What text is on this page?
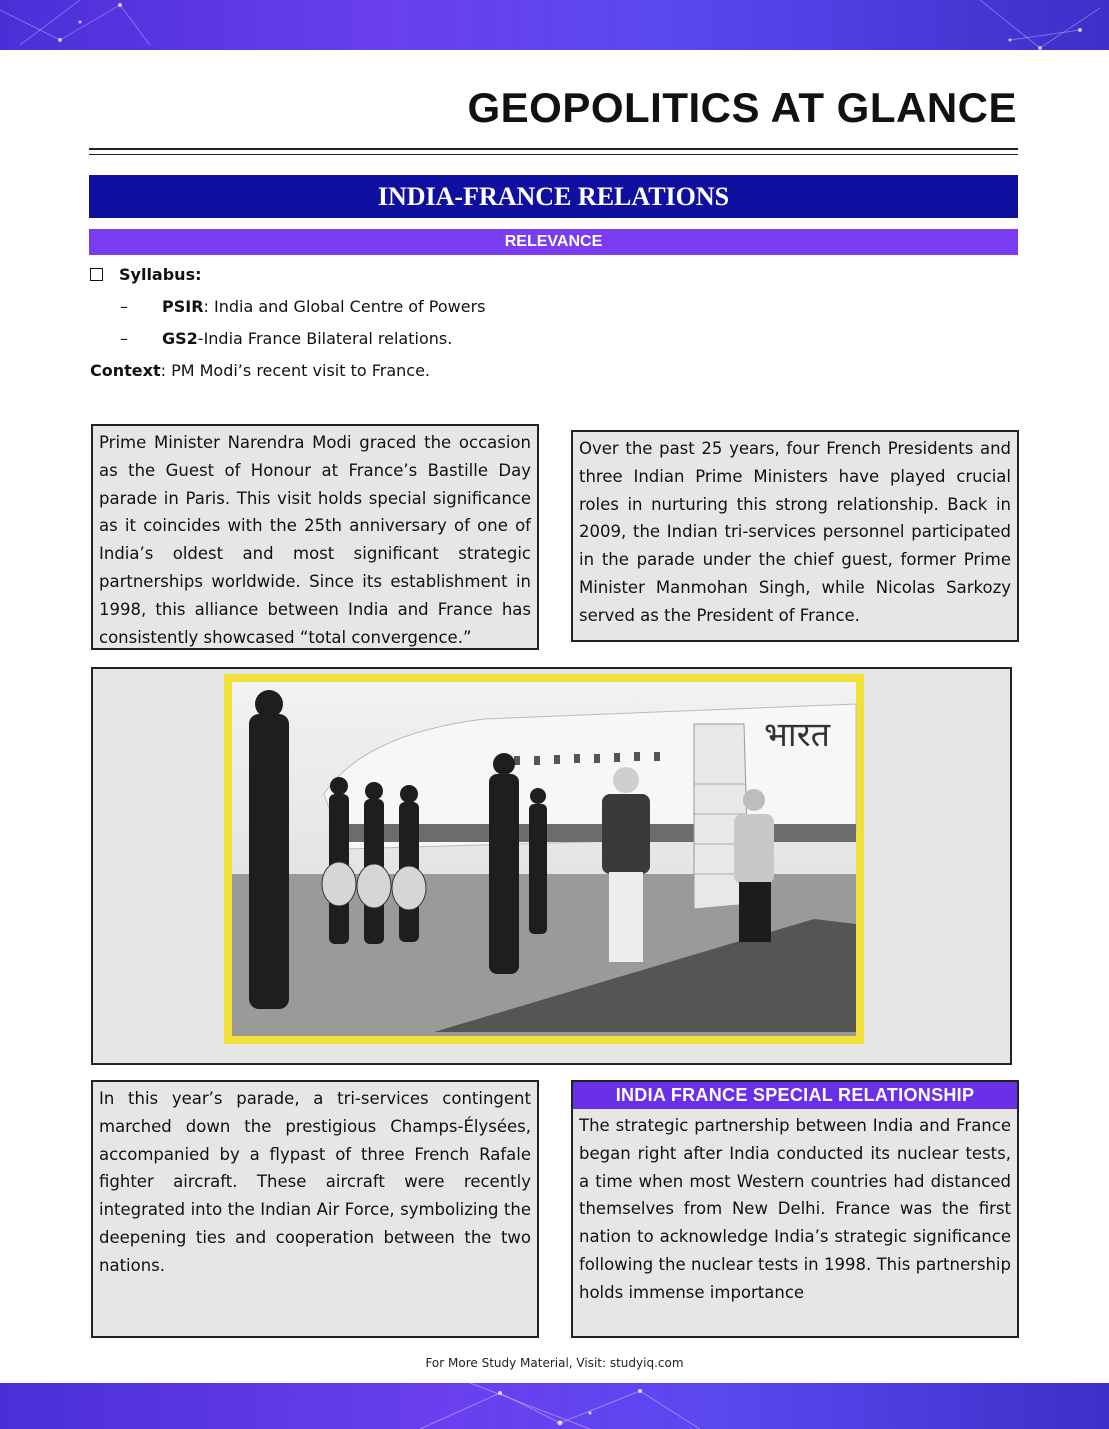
GEOPOLITICS AT GLANCE
INDIA-FRANCE RELATIONS
RELEVANCE
Syllabus:
– PSIR: India and Global Centre of Powers
– GS2-India France Bilateral relations.
Context: PM Modi’s recent visit to France.
Prime Minister Narendra Modi graced the occasion as the Guest of Honour at France’s Bastille Day parade in Paris. This visit holds special significance as it coincides with the 25th anniversary of one of India’s oldest and most significant strategic partnerships worldwide. Since its establishment in 1998, this alliance between India and France has consistently showcased “total convergence.”
Over the past 25 years, four French Presidents and three Indian Prime Ministers have played crucial roles in nurturing this strong relationship. Back in 2009, the Indian tri-services personnel participated in the parade under the chief guest, former Prime Minister Manmohan Singh, while Nicolas Sarkozy served as the President of France.
भारत
In this year’s parade, a tri-services contingent marched down the prestigious Champs-Élysées, accompanied by a flypast of three French Rafale fighter aircraft. These aircraft were recently integrated into the Indian Air Force, symbolizing the deepening ties and cooperation between the two nations.
INDIA FRANCE SPECIAL RELATIONSHIP
The strategic partnership between India and France began right after India conducted its nuclear tests, a time when most Western countries had distanced themselves from New Delhi. France was the first nation to acknowledge India’s strategic significance following the nuclear tests in 1998. This partnership holds immense importance
For More Study Material, Visit: studyiq.com
